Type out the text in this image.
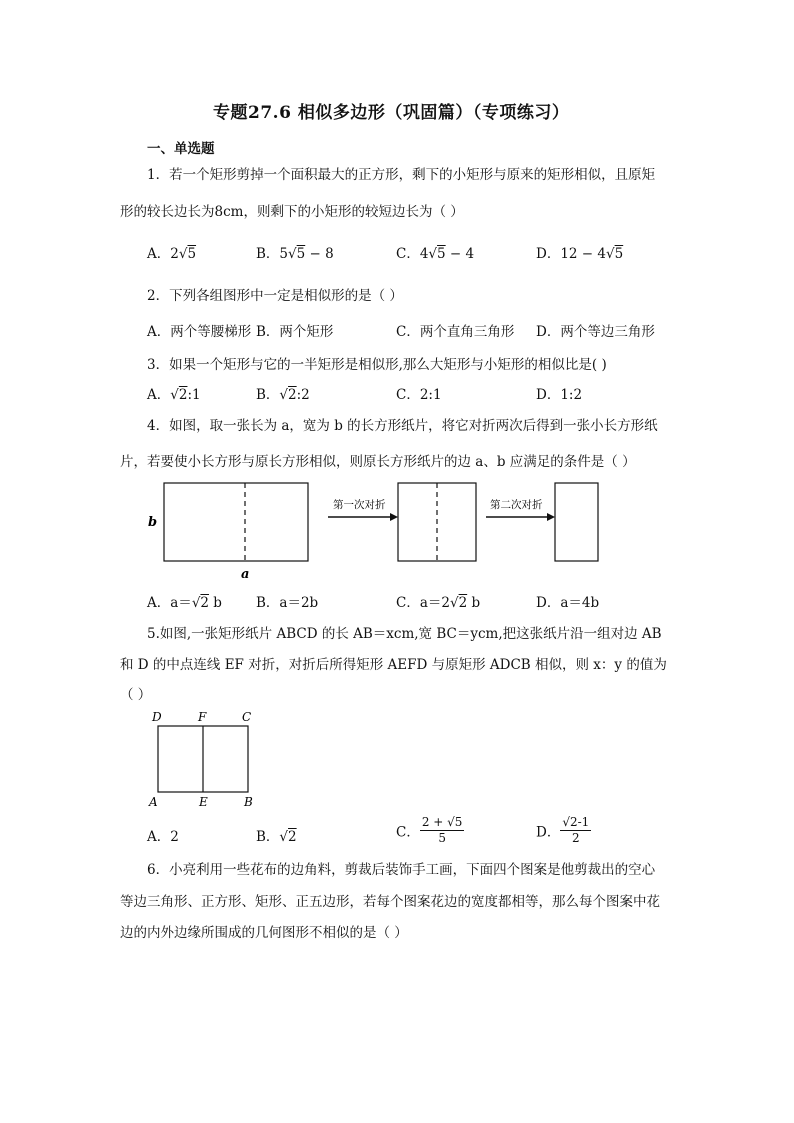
专题27.6 相似多边形（巩固篇）（专项练习）
一、单选题
1．若一个矩形剪掉一个面积最大的正方形，剩下的小矩形与原来的矩形相似，且原矩
形的较长边长为8cm，则剩下的小矩形的较短边长为（ ）
A．2√5	B．5√5 − 8	C．4√5 − 4	D．12 − 4√5
2．下列各组图形中一定是相似形的是（ ）
A．两个等腰梯形 B．两个矩形	C．两个直角三角形 D．两个等边三角形
3．如果一个矩形与它的一半矩形是相似形,那么大矩形与小矩形的相似比是( )
A．√2:1	B．√2:2	C．2:1	D．1:2
4．如图，取一张长为 a，宽为 b 的长方形纸片，将它对折两次后得到一张小长方形纸
片，若要使小长方形与原长方形相似，则原长方形纸片的边 a、b 应满足的条件是（ ）
b
a
第一次对折	第二次对折
A．a＝√2 b	B．a＝2b	C．a＝2√2 b	D．a＝4b
5.如图,一张矩形纸片 ABCD 的长 AB＝xcm,宽 BC＝ycm,把这张纸片沿一组对边 AB
和 D 的中点连线 EF 对折，对折后所得矩形 AEFD 与原矩形 ADCB 相似，则 x：y 的值为
（ ）
D	F	C
A	E	B
A．2	B．√2	C． $\frac{2 + √5}{5}$	D． $\frac{√2-1}{2}$
6．小亮利用一些花布的边角料，剪裁后装饰手工画，下面四个图案是他剪裁出的空心
等边三角形、正方形、矩形、正五边形，若每个图案花边的宽度都相等，那么每个图案中花
边的内外边缘所围成的几何图形不相似的是（ ）
